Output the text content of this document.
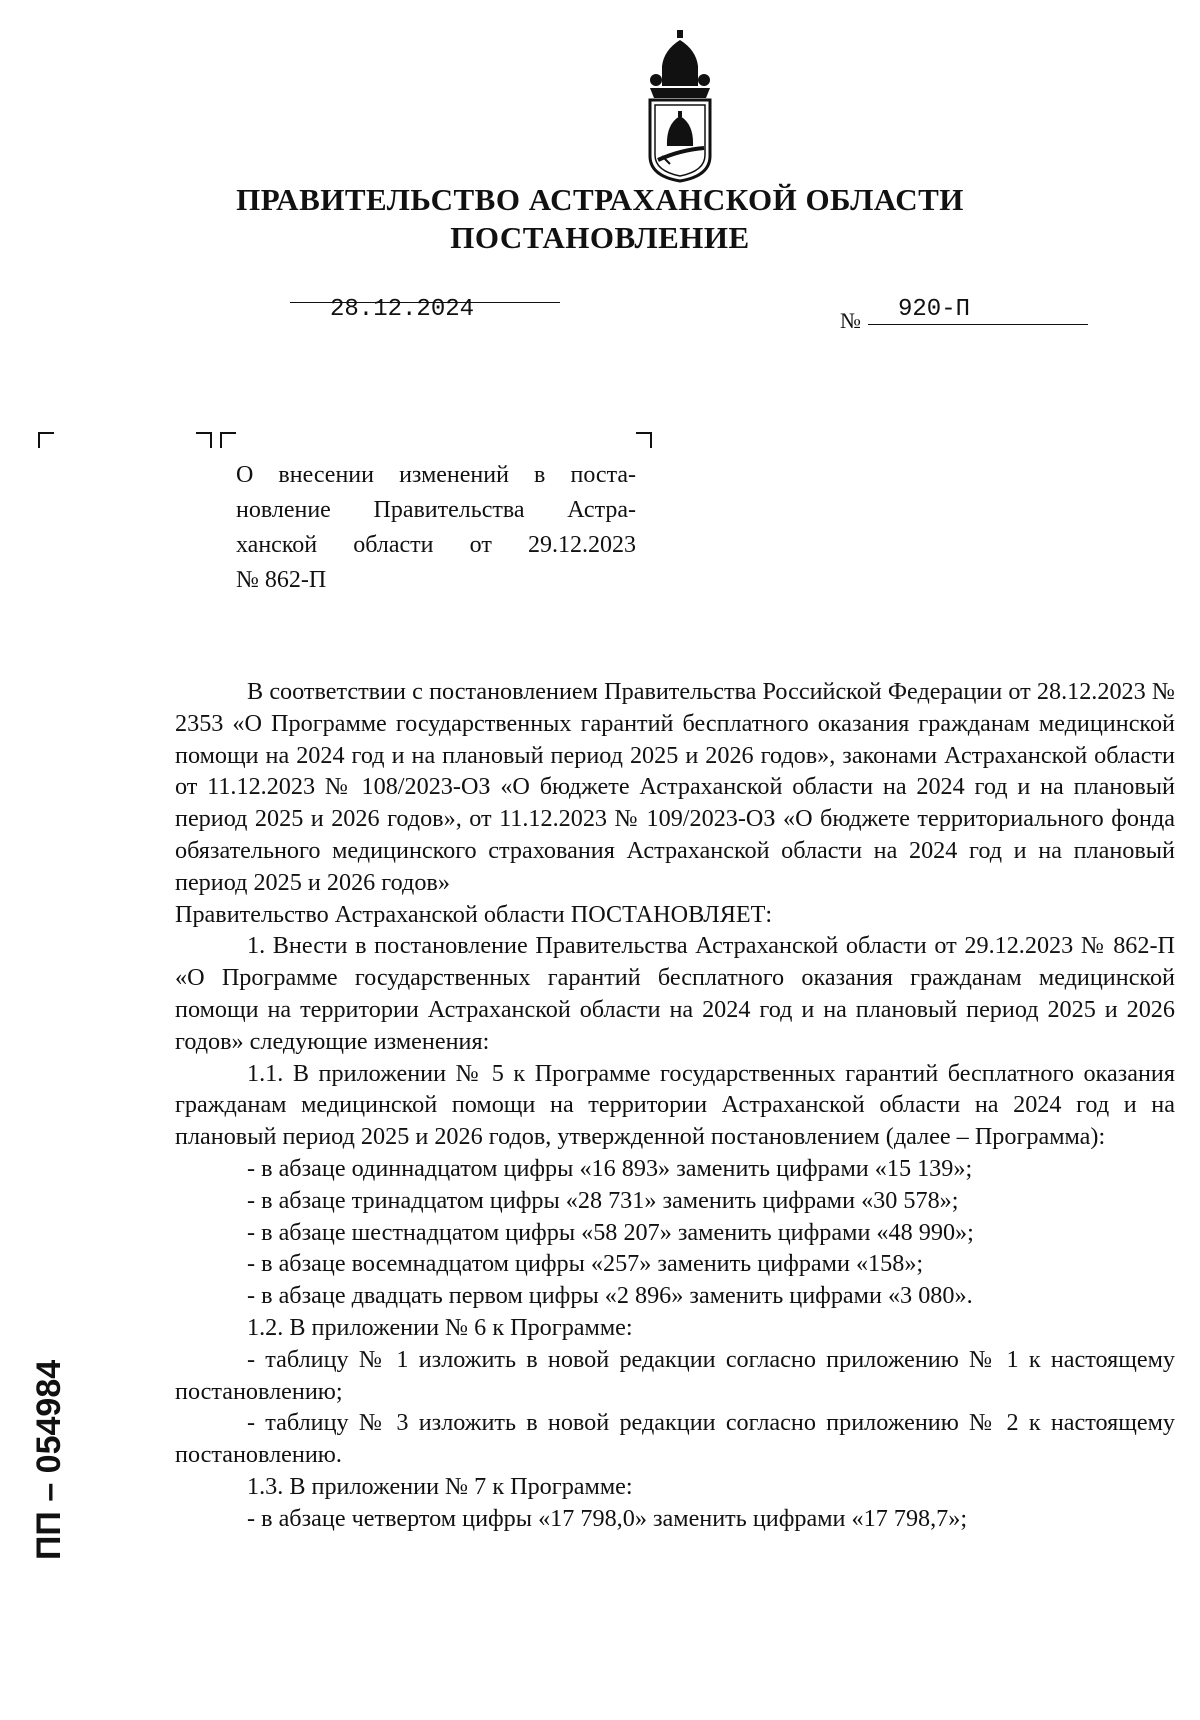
ПРАВИТЕЛЬСТВО АСТРАХАНСКОЙ ОБЛАСТИ
ПОСТАНОВЛЕНИЕ
28.12.2024	№ 920-П
О внесении изменений в поста-
новление Правительства Астра-
ханской области от 29.12.2023
№ 862-П

В соответствии с постановлением Правительства Российской Федерации от 28.12.2023 № 2353 «О Программе государственных гарантий бесплатного оказания гражданам медицинской помощи на 2024 год и на плановый период 2025 и 2026 годов», законами Астраханской области от 11.12.2023 № 108/2023-ОЗ «О бюджете Астраханской области на 2024 год и на плановый период 2025 и 2026 годов», от 11.12.2023 № 109/2023-ОЗ «О бюджете территориального фонда обязательного медицинского страхования Астраханской области на 2024 год и на плановый период 2025 и 2026 годов»

Правительство Астраханской области ПОСТАНОВЛЯЕТ:

1. Внести в постановление Правительства Астраханской области от 29.12.2023 № 862-П «О Программе государственных гарантий бесплатного оказания гражданам медицинской помощи на территории Астраханской области на 2024 год и на плановый период 2025 и 2026 годов» следующие изменения:

1.1. В приложении № 5 к Программе государственных гарантий бесплатного оказания гражданам медицинской помощи на территории Астраханской области на 2024 год и на плановый период 2025 и 2026 годов, утвержденной постановлением (далее – Программа):

- в абзаце одиннадцатом цифры «16 893» заменить цифрами «15 139»;

- в абзаце тринадцатом цифры «28 731» заменить цифрами «30 578»;

- в абзаце шестнадцатом цифры «58 207» заменить цифрами «48 990»;

- в абзаце восемнадцатом цифры «257» заменить цифрами «158»;

- в абзаце двадцать первом цифры «2 896» заменить цифрами «3 080».

1.2. В приложении № 6 к Программе:

- таблицу № 1 изложить в новой редакции согласно приложению № 1 к настоящему постановлению;

- таблицу № 3 изложить в новой редакции согласно приложению № 2 к настоящему постановлению.

1.3. В приложении № 7 к Программе:

- в абзаце четвертом цифры «17 798,0» заменить цифрами «17 798,7»;

ПП – 054984
